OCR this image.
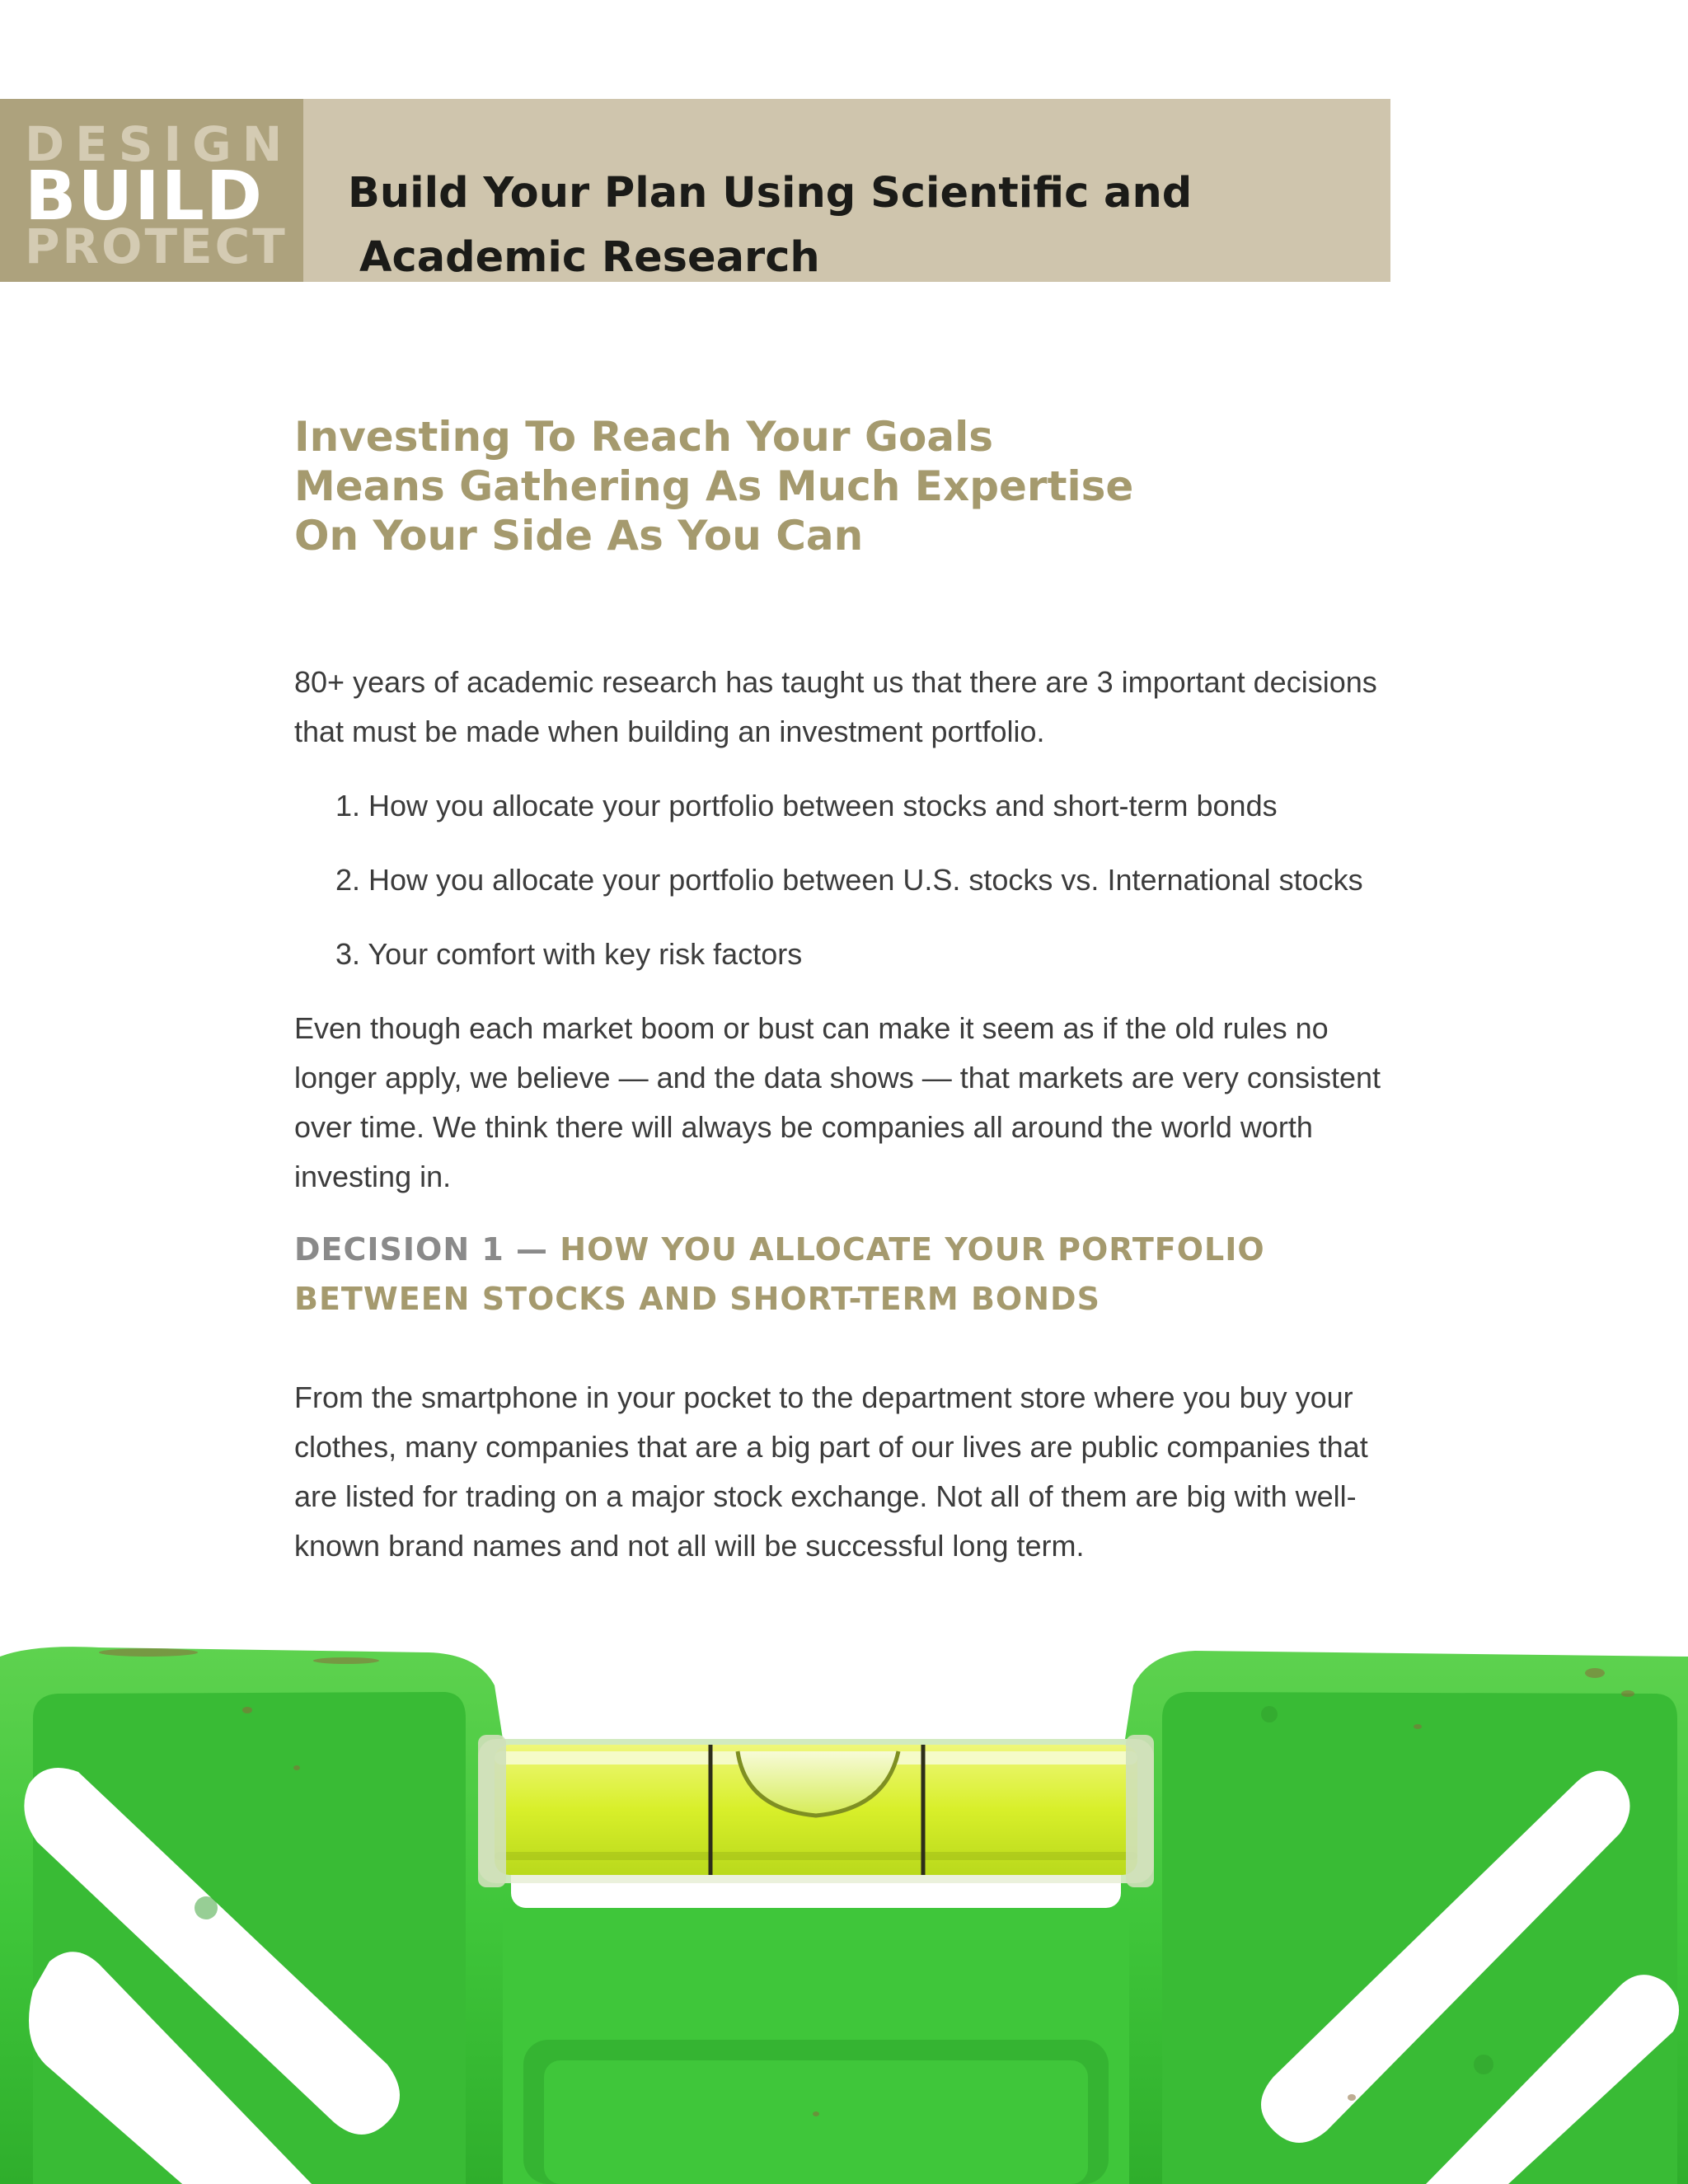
DESIGN
BUILD
PROTECT
Build Your Plan Using Scientific and
Academic Research
Investing To Reach Your Goals
Means Gathering As Much Expertise
On Your Side As You Can

80+ years of academic research has taught us that there are 3 important decisions that must be made when building an investment portfolio.

1. How you allocate your portfolio between stocks and short-term bonds
2. How you allocate your portfolio between U.S. stocks vs. International stocks
3. Your comfort with key risk factors

Even though each market boom or bust can make it seem as if the old rules no longer apply, we believe — and the data shows — that markets are very consistent over time. We think there will always be companies all around the world worth investing in.

DECISION 1 — HOW YOU ALLOCATE YOUR PORTFOLIO BETWEEN STOCKS AND SHORT-TERM BONDS

From the smartphone in your pocket to the department store where you buy your clothes, many companies that are a big part of our lives are public companies that are listed for trading on a major stock exchange. Not all of them are big with well-known brand names and not all will be successful long term.
